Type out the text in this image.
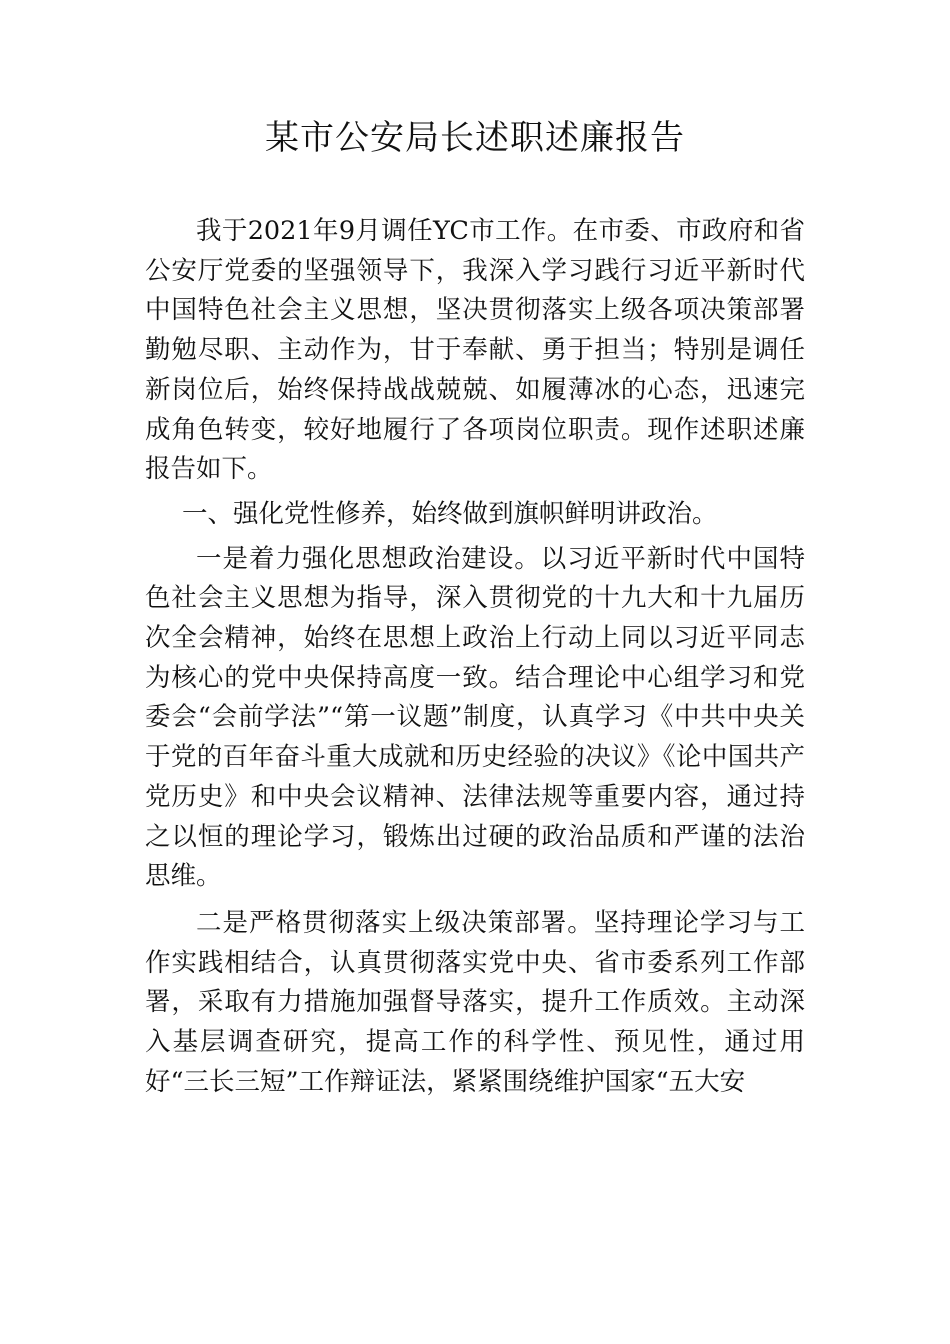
某市公安局长述职述廉报告

我于2021年9月调任YC市工作。在市委、市政府和省公安厅党委的坚强领导下，我深入学习践行习近平新时代中国特色社会主义思想，坚决贯彻落实上级各项决策部署勤勉尽职、主动作为，甘于奉献、勇于担当；特别是调任新岗位后，始终保持战战兢兢、如履薄冰的心态，迅速完成角色转变，较好地履行了各项岗位职责。现作述职述廉报告如下。

一、强化党性修养，始终做到旗帜鲜明讲政治。

一是着力强化思想政治建设。以习近平新时代中国特色社会主义思想为指导，深入贯彻党的十九大和十九届历次全会精神，始终在思想上政治上行动上同以习近平同志为核心的党中央保持高度一致。结合理论中心组学习和党委会“会前学法”“第一议题”制度，认真学习《中共中央关于党的百年奋斗重大成就和历史经验的决议》《论中国共产党历史》和中央会议精神、法律法规等重要内容，通过持之以恒的理论学习，锻炼出过硬的政治品质和严谨的法治思维。

二是严格贯彻落实上级决策部署。坚持理论学习与工作实践相结合，认真贯彻落实党中央、省市委系列工作部署，采取有力措施加强督导落实，提升工作质效。主动深入基层调查研究，提高工作的科学性、预见性，通过用好“三长三短”工作辩证法，紧紧围绕维护国家“五大安
